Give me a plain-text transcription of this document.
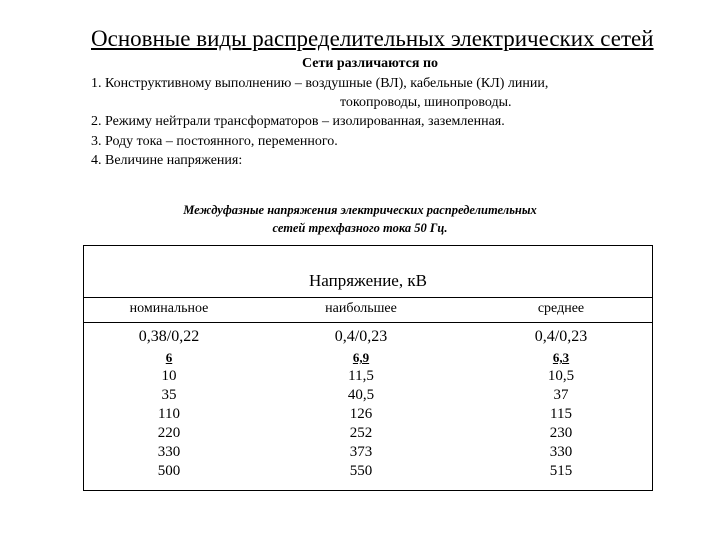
Основные виды распределительных электрических сетей
Сети различаются по
1. Конструктивному выполнению – воздушные (ВЛ), кабельные (КЛ) линии,
токопроводы, шинопроводы.
2. Режиму нейтрали трансформаторов – изолированная, заземленная.
3. Роду тока – постоянного, переменного.
4. Величине напряжения:
Междуфазные напряжения электрических распределительных
сетей трехфазного тока 50 Гц.
Напряжение, кВ
номинальное	наибольшее	среднее
0,38/0,22
6
10
35
110
220
330
500
0,4/0,23
6,9
11,5
40,5
126
252
373
550
0,4/0,23
6,3
10,5
37
115
230
330
515
